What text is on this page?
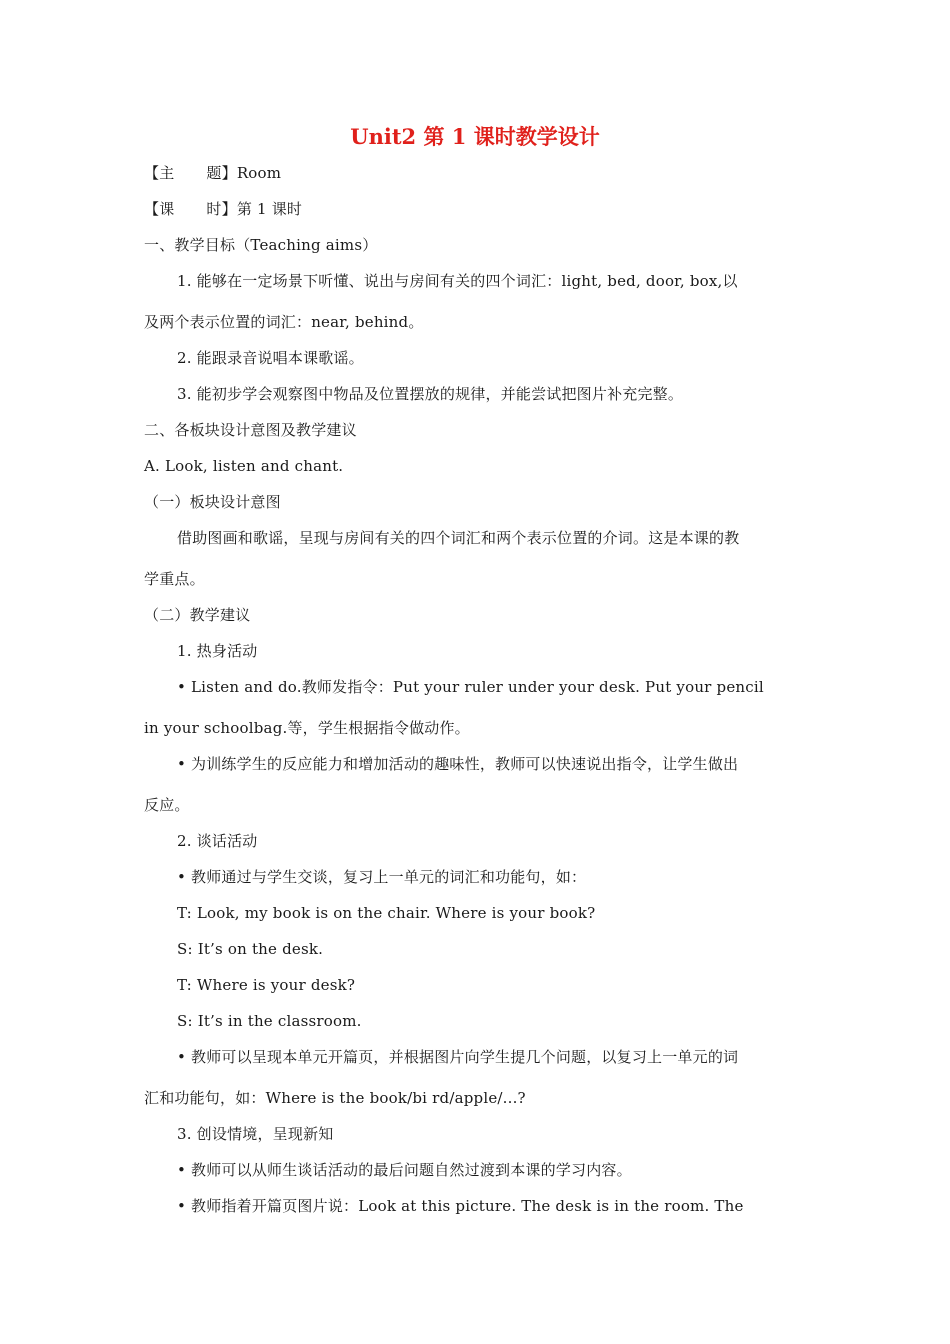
Unit2 第 1 课时教学设计
【主 题】Room
【课 时】第 1 课时
一、教学目标（Teaching aims）
1. 能够在一定场景下听懂、说出与房间有关的四个词汇：light, bed, door, box,以
及两个表示位置的词汇：near, behind。
2. 能跟录音说唱本课歌谣。
3. 能初步学会观察图中物品及位置摆放的规律，并能尝试把图片补充完整。
二、各板块设计意图及教学建议
A. Look, listen and chant.
（一）板块设计意图
借助图画和歌谣，呈现与房间有关的四个词汇和两个表示位置的介词。这是本课的教
学重点。
（二）教学建议
1. 热身活动
• Listen and do.教师发指令：Put your ruler under your desk. Put your pencil
in your schoolbag.等，学生根据指令做动作。
• 为训练学生的反应能力和增加活动的趣味性，教师可以快速说出指令，让学生做出
反应。
2. 谈话活动
• 教师通过与学生交谈，复习上一单元的词汇和功能句，如：
T: Look, my book is on the chair. Where is your book?
S: It’s on the desk.
T: Where is your desk?
S: It’s in the classroom.
• 教师可以呈现本单元开篇页，并根据图片向学生提几个问题，以复习上一单元的词
汇和功能句，如：Where is the book/bi rd/apple/...?
3. 创设情境，呈现新知
• 教师可以从师生谈话活动的最后问题自然过渡到本课的学习内容。
• 教师指着开篇页图片说：Look at this picture. The desk is in the room. The
